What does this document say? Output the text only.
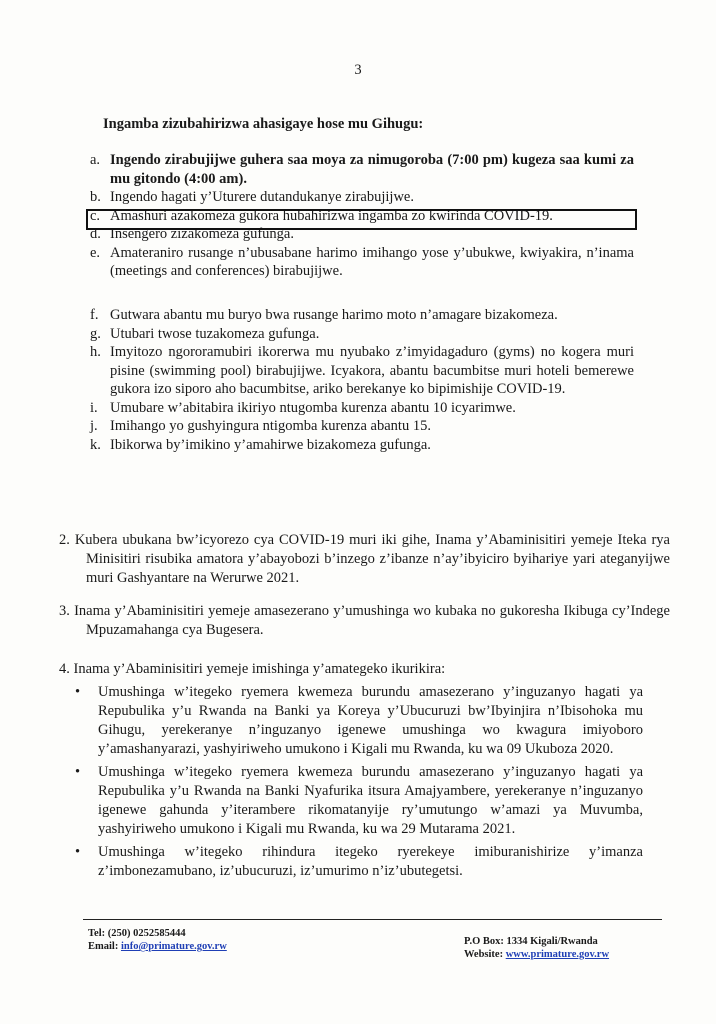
3
Ingamba zizubahirizwa ahasigaye hose mu Gihugu:
a. Ingendo zirabujijwe guhera saa moya za nimugoroba (7:00 pm) kugeza saa kumi za mu gitondo (4:00 am).
b. Ingendo hagati y’Uturere dutandukanye zirabujijwe.
c. Amashuri azakomeza gukora hubahirizwa ingamba zo kwirinda COVID-19.
d. Insengero zizakomeza gufunga.
e. Amateraniro rusange n’ubusabane harimo imihango yose y’ubukwe, kwiyakira, n’inama (meetings and conferences) birabujijwe.
f. Gutwara abantu mu buryo bwa rusange harimo moto n’amagare bizakomeza.
g. Utubari twose tuzakomeza gufunga.
h. Imyitozo ngororamubiri ikorerwa mu nyubako z’imyidagaduro (gyms) no kogera muri pisine (swimming pool) birabujijwe. Icyakora, abantu bacumbitse muri hoteli bemerewe gukora izo siporo aho bacumbitse, ariko berekanye ko bipimishije COVID-19.
i. Umubare w’abitabira ikiriyo ntugomba kurenza abantu 10 icyarimwe.
j. Imihango yo gushyingura ntigomba kurenza abantu 15.
k. Ibikorwa by’imikino y’amahirwe bizakomeza gufunga.
2. Kubera ubukana bw’icyorezo cya COVID-19 muri iki gihe, Inama y’Abaminisitiri yemeje Iteka rya Minisitiri risubika amatora y’abayobozi b’inzego z’ibanze n’ay’ibyiciro byihariye yari ateganyijwe muri Gashyantare na Werurwe 2021.
3. Inama y’Abaminisitiri yemeje amasezerano y’umushinga wo kubaka no gukoresha Ikibuga cy’Indege Mpuzamahanga cya Bugesera.
4. Inama y’Abaminisitiri yemeje imishinga y’amategeko ikurikira:
• Umushinga w’itegeko ryemera kwemeza burundu amasezerano y’inguzanyo hagati ya Repubulika y’u Rwanda na Banki ya Koreya y’Ubucuruzi bw’Ibyinjira n’Ibisohoka mu Gihugu, yerekeranye n’inguzanyo igenewe umushinga wo kwagura imiyoboro y’amashanyarazi, yashyiriweho umukono i Kigali mu Rwanda, ku wa 09 Ukuboza 2020.
• Umushinga w’itegeko ryemera kwemeza burundu amasezerano y’inguzanyo hagati ya Repubulika y’u Rwanda na Banki Nyafurika itsura Amajyambere, yerekeranye n’inguzanyo igenewe gahunda y’iterambere rikomatanyije ry’umutungo w’amazi ya Muvumba, yashyiriweho umukono i Kigali mu Rwanda, ku wa 29 Mutarama 2021.
• Umushinga w’itegeko rihindura itegeko ryerekeye imiburanishirize y’imanza z’imbonezamubano, iz’ubucuruzi, iz’umurimo n’iz’ubutegetsi.
Tel: (250) 0252585444
Email: info@primature.gov.rw	P.O Box: 1334 Kigali/Rwanda
Website: www.primature.gov.rw
